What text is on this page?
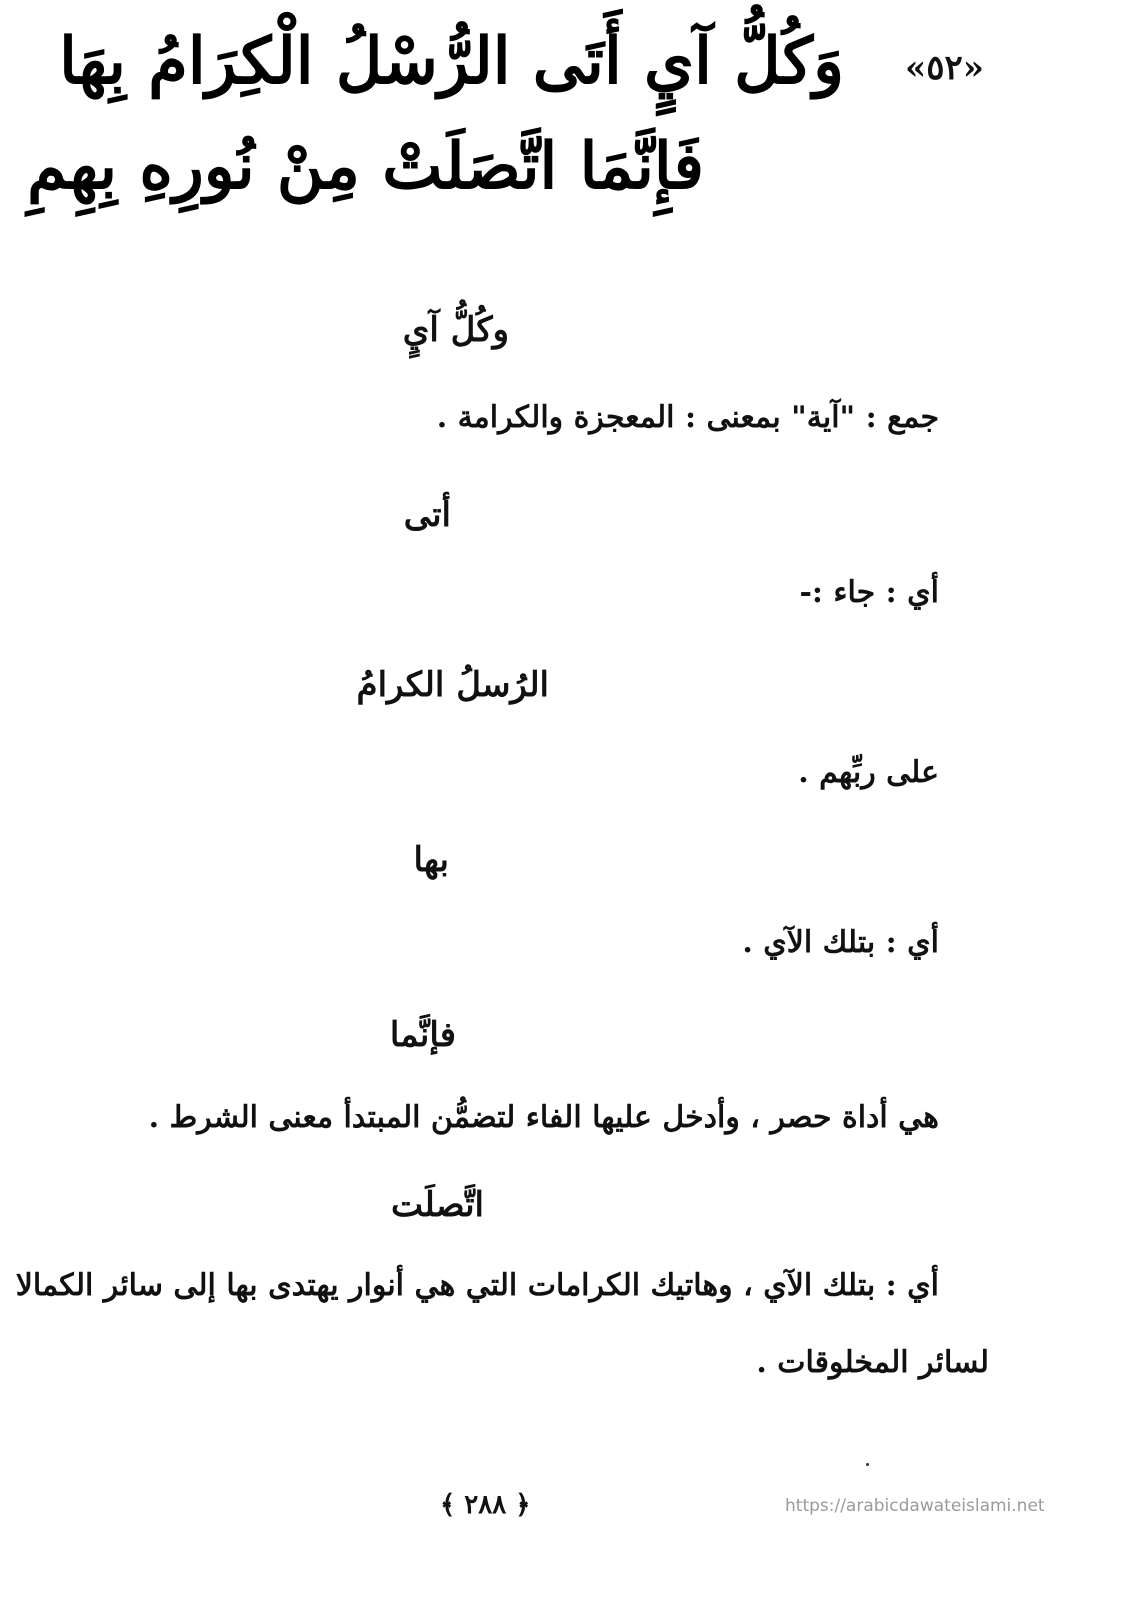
«٥٢»
وَكُلُّ آيٍ أَتَى الرُّسْلُ الْكِرَامُ بِهَا
فَإِنَّمَا اتَّصَلَتْ مِنْ نُورِهِ بِهِمِ
وكُلُّ آيٍ
جمع : "آية" بمعنى : المعجزة والكرامة .
أتى
أي : جاء :-
الرُسلُ الكرامُ
على ربِّهم .
بها
أي : بتلك الآي .
فإنَّما
هي أداة حصر ، وأدخل عليها الفاء لتضمُّن المبتدأ معنى الشرط .
اتَّصلَت
أي : بتلك الآي ، وهاتيك الكرامات التي هي أنوار يهتدى بها إلى سائر الكمالا
لسائر المخلوقات .
﴿ ٢٨٨ ﴾	https://arabicdawateislami.net
